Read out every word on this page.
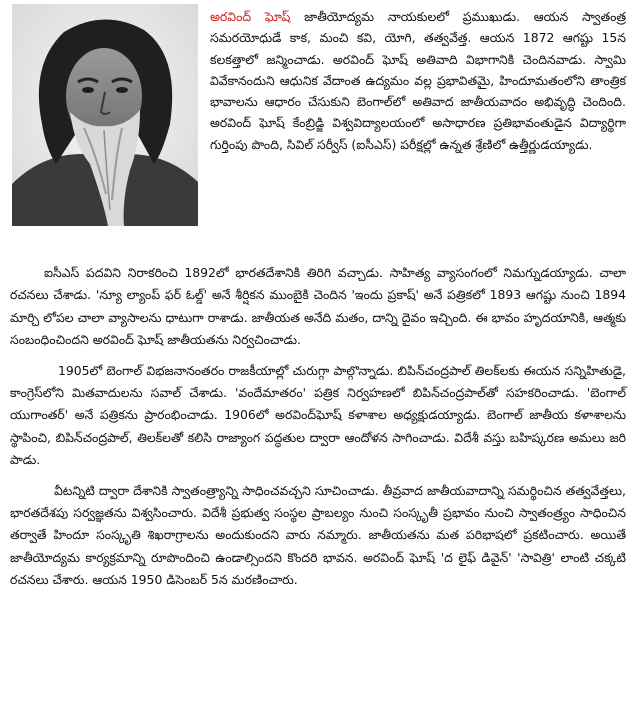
అరవింద్‌ ఘోష్‌ జాతీయోద్యమ నాయకులలో ప్రముఖుడు. ఆయన స్వాతంత్ర సమరయోధుడే కాక, మంచి కవి, యోగి, తత్వవేత్త. ఆయన 1872 ఆగష్టు 15న కలకత్తాలో జన్మించాడు. అరవింద్‌ ఘోష్‌ అతివాది విభాగానికి చెందినవాడు. స్వామి వివేకానందుని ఆధునిక వేదాంత ఉద్యమం వల్ల ప్రభావితమై, హిందూమతంలోని తాంత్రిక భావాలను ఆధారం చేసుకుని బెంగాల్‌లో అతివాద జాతీయవాదం అభివృద్ధి చెందింది. అరవింద్‌ ఘోష్‌ కేంబ్రిడ్జి విశ్వవిద్యాలయంలో అసాధారణ ప్రతిభావంతుడైన విద్యార్థిగా గుర్తింపు పొంది, సివిల్‌ సర్వీస్‌ (ఐసీఎస్‌) పరీక్షల్లో ఉన్నత శ్రేణిలో ఉత్తీర్ణుడయ్యాడు.

ఐసీఎస్‌ పదవిని నిరాకరించి 1892లో భారతదేశానికి తిరిగి వచ్చాడు. సాహిత్య వ్యాసంగంలో నిమగ్నుడయ్యాడు. చాలా రచనలు చేశాడు. 'న్యూ ల్యాంప్‌ ఫర్‌ ఓల్డ్‌' అనే శీర్షికన ముంబైకి చెందిన 'ఇందు ప్రకాష్‌' అనే పత్రికలో 1893 ఆగష్టు నుంచి 1894 మార్చి లోపల చాలా వ్యాసాలను ధాటుగా రాశాడు. జాతీయత అనేది మతం, దాన్ని దైవం ఇచ్చింది. ఈ భావం హృదయానికి, ఆత్మకు సంబంధించిందని అరవింద్‌ ఘోష్‌ జాతీయతను నిర్వచించాడు.

1905లో బెంగాల్‌ విభజనానంతరం రాజకీయాల్లో చురుగ్గా పాల్గొన్నాడు. బిపిన్‌చంద్రపాల్‌ తిలక్‌లకు ఈయన సన్నిహితుడై, కాంగ్రెస్‌లోని మితవాదులను సవాల్‌ చేశాడు. 'వందేమాతరం' పత్రిక నిర్వహణలో బిపిన్‌చంద్రపాల్‌తో సహకరించాడు. 'బెంగాల్‌ యుగాంతర్‌' అనే పత్రికను ప్రారంభించాడు. 1906లో అరవింద్‌ఘోష్‌ కళాశాల అధ్యక్షుడయ్యాడు. బెంగాల్‌ జాతీయ కళాశాలను స్థాపించి, బిపిన్‌చంద్రపాల్‌, తిలక్‌లతో కలిసి రాజ్యాంగ పద్ధతుల ద్వారా ఆందోళన సాగించాడు. విదేశీ వస్తు బహిష్కరణ అమలు జరి పాడు.

వీటన్నిటి ద్వారా దేశానికి స్వాతంత్ర్యాన్ని సాధించవచ్చని సూచించాడు. తీవ్రవాద జాతీయవాదాన్ని సమర్థించిన తత్వవేత్తలు, భారతదేశపు సర్వజ్ఞతను విశ్వసించారు. విదేశీ ప్రభుత్వ సంస్థల ప్రాబల్యం నుంచి సంస్కృతీ ప్రభావం నుంచి స్వాతంత్ర్యం సాధించిన తర్వాతే హిందూ సంస్కృతి శిఖరాగ్రాలను అందుకుందని వారు నమ్మారు. జాతీయతను మత పరిభాషలో ప్రకటించారు. అయితే జాతీయోద్యమ కార్యక్రమాన్ని రూపొందించి ఉండాల్సిందని కొందరి భావన. అరవింద్‌ ఘోష్‌ 'ద లైఫ్‌ డివైన్‌' 'సావిత్రి' లాంటి చక్కటి రచనలు చేశారు. ఆయన 1950 డిసెంబర్‌ 5న మరణించారు.
